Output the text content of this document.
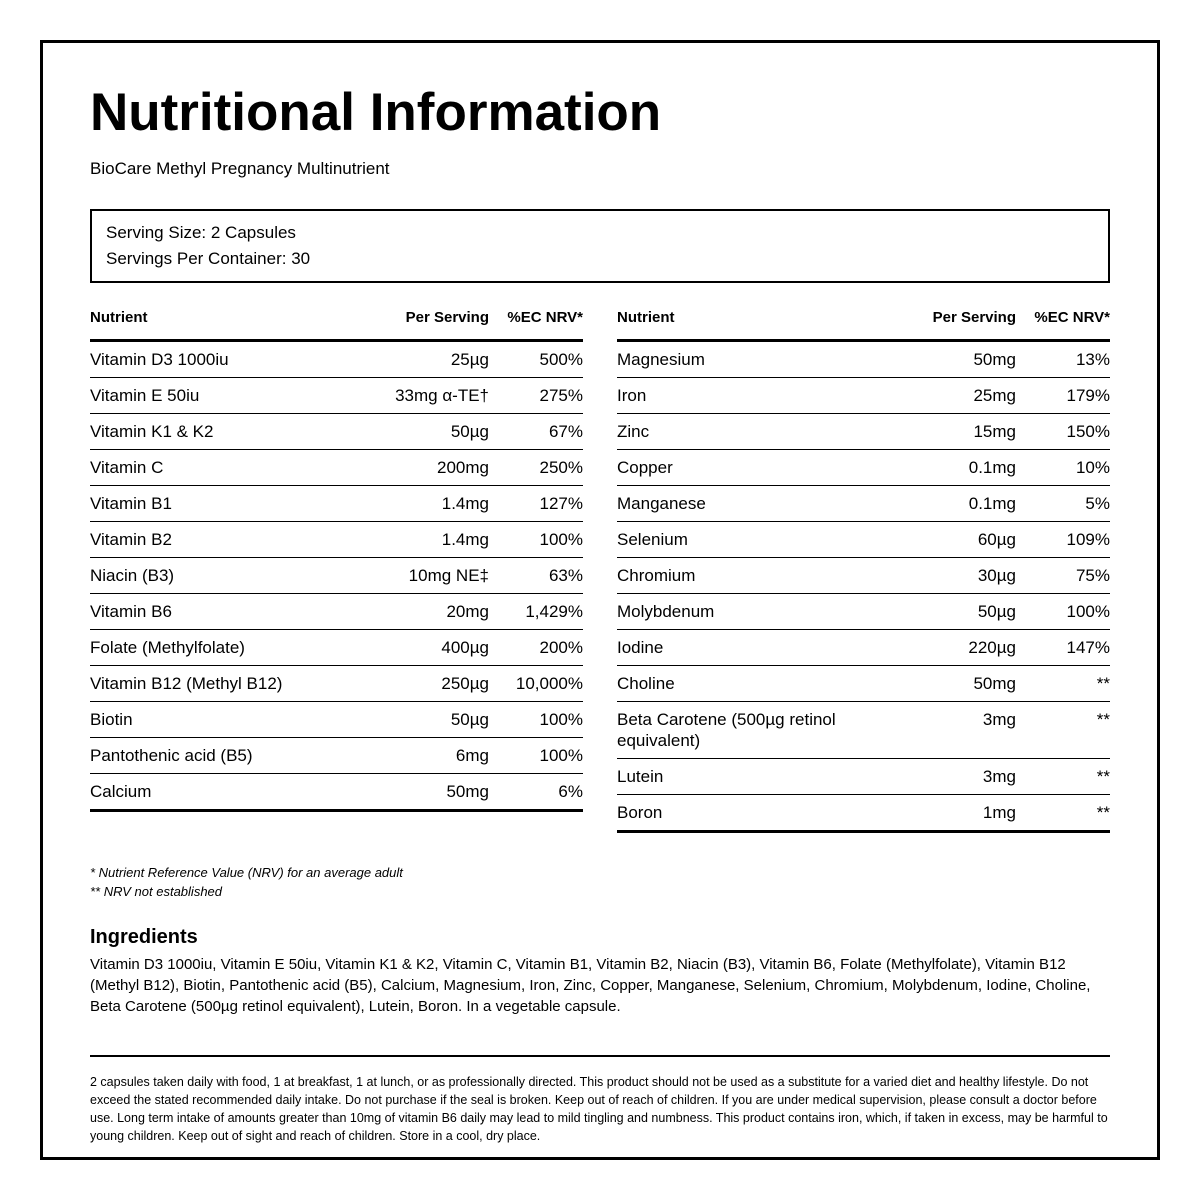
Nutritional Information
BioCare Methyl Pregnancy Multinutrient
Serving Size: 2 Capsules
Servings Per Container: 30
Nutrient	Per Serving	%EC NRV*
Vitamin D3 1000iu	25µg	500%
Vitamin E 50iu	33mg α-TE†	275%
Vitamin K1 & K2	50µg	67%
Vitamin C	200mg	250%
Vitamin B1	1.4mg	127%
Vitamin B2	1.4mg	100%
Niacin (B3)	10mg NE‡	63%
Vitamin B6	20mg	1,429%
Folate (Methylfolate)	400µg	200%
Vitamin B12 (Methyl B12)	250µg	10,000%
Biotin	50µg	100%
Pantothenic acid (B5)	6mg	100%
Calcium	50mg	6%
Nutrient	Per Serving	%EC NRV*
Magnesium	50mg	13%
Iron	25mg	179%
Zinc	15mg	150%
Copper	0.1mg	10%
Manganese	0.1mg	5%
Selenium	60µg	109%
Chromium	30µg	75%
Molybdenum	50µg	100%
Iodine	220µg	147%
Choline	50mg	**
Beta Carotene (500µg retinol equivalent)	3mg	**
Lutein	3mg	**
Boron	1mg	**
* Nutrient Reference Value (NRV) for an average adult
** NRV not established
Ingredients
Vitamin D3 1000iu, Vitamin E 50iu, Vitamin K1 & K2, Vitamin C, Vitamin B1, Vitamin B2, Niacin (B3), Vitamin B6, Folate (Methylfolate), Vitamin B12 (Methyl B12), Biotin, Pantothenic acid (B5), Calcium, Magnesium, Iron, Zinc, Copper, Manganese, Selenium, Chromium, Molybdenum, Iodine, Choline, Beta Carotene (500µg retinol equivalent), Lutein, Boron. In a vegetable capsule.
2 capsules taken daily with food, 1 at breakfast, 1 at lunch, or as professionally directed. This product should not be used as a substitute for a varied diet and healthy lifestyle. Do not exceed the stated recommended daily intake. Do not purchase if the seal is broken. Keep out of reach of children. If you are under medical supervision, please consult a doctor before use. Long term intake of amounts greater than 10mg of vitamin B6 daily may lead to mild tingling and numbness. This product contains iron, which, if taken in excess, may be harmful to young children. Keep out of sight and reach of children. Store in a cool, dry place.
